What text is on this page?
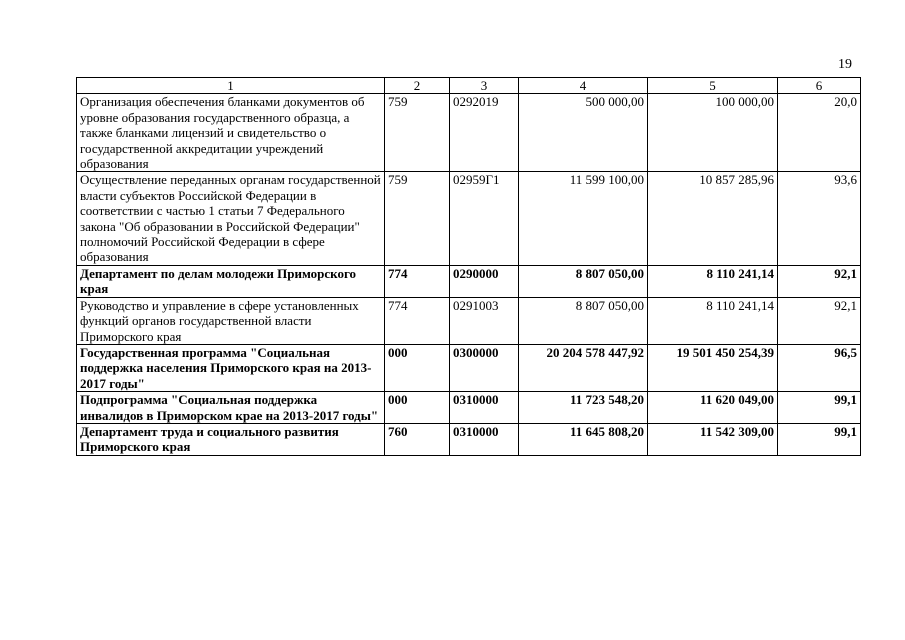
19
1	2	3	4	5	6
Организация обеспечения бланками документов об уровне образования государственного образца, а также бланками лицензий и свидетельство о государственной аккредитации учреждений образования	759	0292019	500 000,00	100 000,00	20,0
Осуществление переданных органам государственной власти субъектов Российской Федерации в соответствии с частью 1 статьи 7 Федерального закона "Об образовании в Российской Федерации" полномочий Российской Федерации в сфере образования	759	02959Г1	11 599 100,00	10 857 285,96	93,6
Департамент по делам молодежи Приморского края	774	0290000	8 807 050,00	8 110 241,14	92,1
Руководство и управление в сфере установленных функций органов государственной власти Приморского края	774	0291003	8 807 050,00	8 110 241,14	92,1
Государственная программа "Социальная поддержка населения Приморского края на 2013-2017 годы"	000	0300000	20 204 578 447,92	19 501 450 254,39	96,5
Подпрограмма "Социальная поддержка инвалидов в Приморском крае на 2013-2017 годы"	000	0310000	11 723 548,20	11 620 049,00	99,1
Департамент труда и социального развития Приморского края	760	0310000	11 645 808,20	11 542 309,00	99,1
